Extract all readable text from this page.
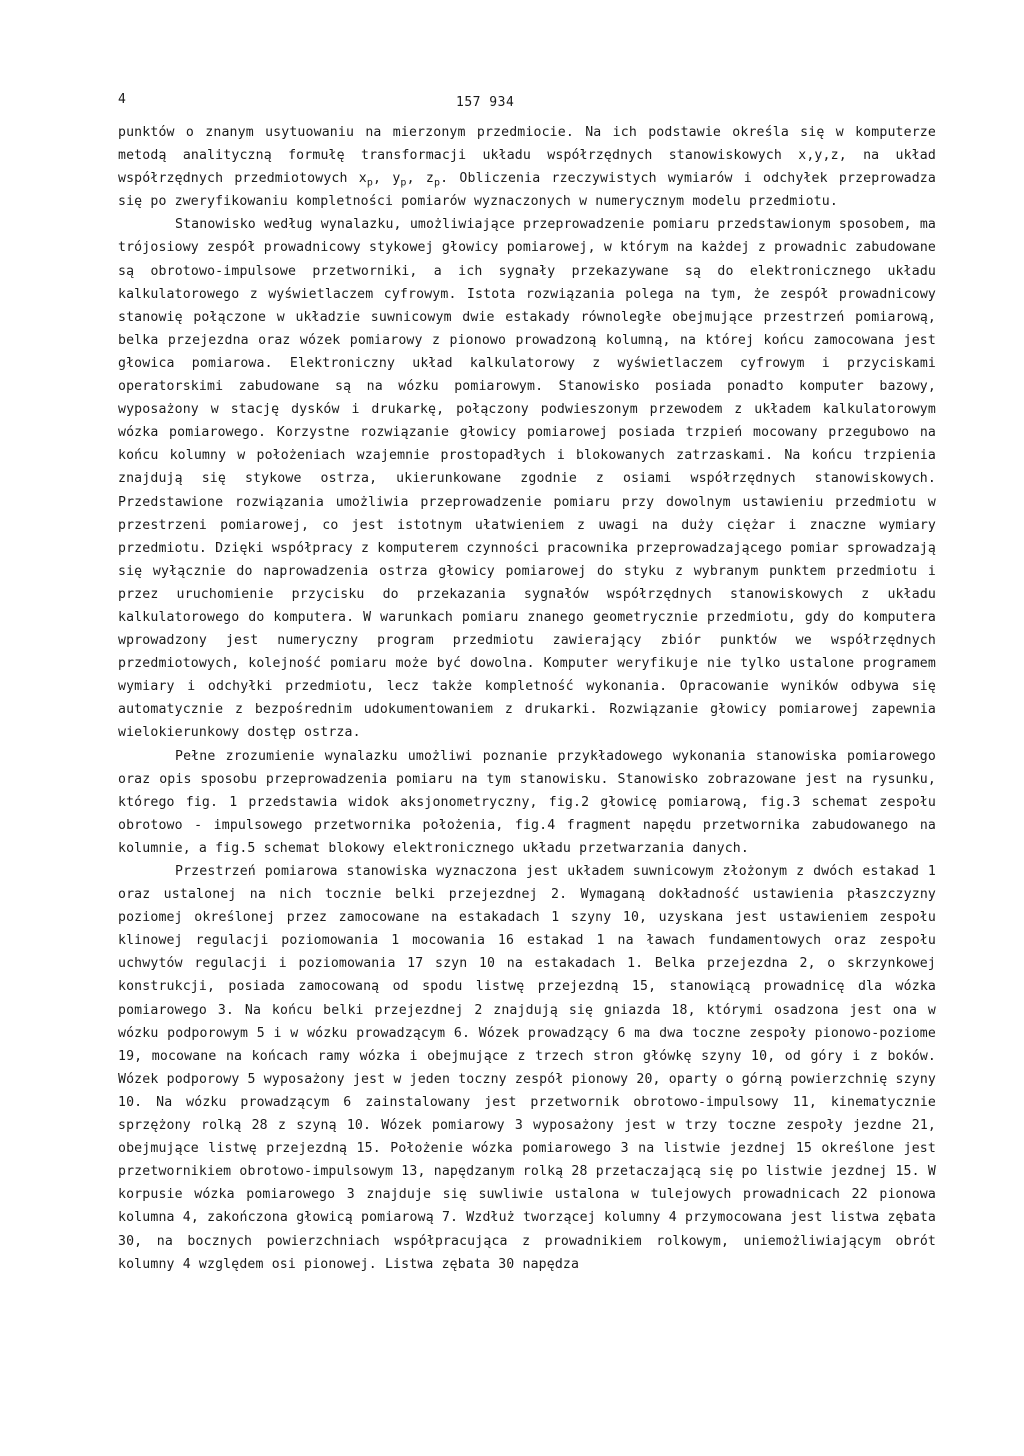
4	157 934

punktów o znanym usytuowaniu na mierzonym przedmiocie. Na ich podstawie określa się w komputerze metodą analityczną formułę transformacji układu współrzędnych stanowiskowych x,y,z, na układ współrzędnych przedmiotowych $x_p$, $y_p$, $z_p$. Obliczenia rzeczywistych wymiarów i odchyłek przeprowadza się po zweryfikowaniu kompletności pomiarów wyznaczonych w numerycznym modelu przedmiotu.

Stanowisko według wynalazku, umożliwiające przeprowadzenie pomiaru przedstawionym sposobem, ma trójosiowy zespół prowadnicowy stykowej głowicy pomiarowej, w którym na każdej z prowadnic zabudowane są obrotowo-impulsowe przetworniki, a ich sygnały przekazywane są do elektronicznego układu kalkulatorowego z wyświetlaczem cyfrowym. Istota rozwiązania polega na tym, że zespół prowadnicowy stanowię połączone w układzie suwnicowym dwie estakady równoległe obejmujące przestrzeń pomiarową, belka przejezdna oraz wózek pomiarowy z pionowo prowadzoną kolumną, na której końcu zamocowana jest głowica pomiarowa. Elektroniczny układ kalkulatorowy z wyświetlaczem cyfrowym i przyciskami operatorskimi zabudowane są na wózku pomiarowym. Stanowisko posiada ponadto komputer bazowy, wyposażony w stację dysków i drukarkę, połączony podwieszonym przewodem z układem kalkulatorowym wózka pomiarowego. Korzystne rozwiązanie głowicy pomiarowej posiada trzpień mocowany przegubowo na końcu kolumny w położeniach wzajemnie prostopadłych i blokowanych zatrzaskami. Na końcu trzpienia znajdują się stykowe ostrza, ukierunkowane zgodnie z osiami współrzędnych stanowiskowych. Przedstawione rozwiązania umożliwia przeprowadzenie pomiaru przy dowolnym ustawieniu przedmiotu w przestrzeni pomiarowej, co jest istotnym ułatwieniem z uwagi na duży ciężar i znaczne wymiary przedmiotu. Dzięki współpracy z komputerem czynności pracownika przeprowadzającego pomiar sprowadzają się wyłącznie do naprowadzenia ostrza głowicy pomiarowej do styku z wybranym punktem przedmiotu i przez uruchomienie przycisku do przekazania sygnałów współrzędnych stanowiskowych z układu kalkulatorowego do komputera. W warunkach pomiaru znanego geometrycznie przedmiotu, gdy do komputera wprowadzony jest numeryczny program przedmiotu zawierający zbiór punktów we współrzędnych przedmiotowych, kolejność pomiaru może być dowolna. Komputer weryfikuje nie tylko ustalone programem wymiary i odchyłki przedmiotu, lecz także kompletność wykonania. Opracowanie wyników odbywa się automatycznie z bezpośrednim udokumentowaniem z drukarki. Rozwiązanie głowicy pomiarowej zapewnia wielokierunkowy dostęp ostrza.

Pełne zrozumienie wynalazku umożliwi poznanie przykładowego wykonania stanowiska pomiarowego oraz opis sposobu przeprowadzenia pomiaru na tym stanowisku. Stanowisko zobrazowane jest na rysunku, którego fig. 1 przedstawia widok aksjonometryczny, fig.2 głowicę pomiarową, fig.3 schemat zespołu obrotowo - impulsowego przetwornika położenia, fig.4 fragment napędu przetwornika zabudowanego na kolumnie, a fig.5 schemat blokowy elektronicznego układu przetwarzania danych.

Przestrzeń pomiarowa stanowiska wyznaczona jest układem suwnicowym złożonym z dwóch estakad 1 oraz ustalonej na nich tocznie belki przejezdnej 2. Wymaganą dokładność ustawienia płaszczyzny poziomej określonej przez zamocowane na estakadach 1 szyny 10, uzyskana jest ustawieniem zespołu klinowej regulacji poziomowania 1 mocowania 16 estakad 1 na ławach fundamentowych oraz zespołu uchwytów regulacji i poziomowania 17 szyn 10 na estakadach 1. Belka przejezdna 2, o skrzynkowej konstrukcji, posiada zamocowaną od spodu listwę przejezdną 15, stanowiącą prowadnicę dla wózka pomiarowego 3. Na końcu belki przejezdnej 2 znajdują się gniazda 18, którymi osadzona jest ona w wózku podporowym 5 i w wózku prowadzącym 6. Wózek prowadzący 6 ma dwa toczne zespoły pionowo-poziome 19, mocowane na końcach ramy wózka i obejmujące z trzech stron główkę szyny 10, od góry i z boków. Wózek podporowy 5 wyposażony jest w jeden toczny zespół pionowy 20, oparty o górną powierzchnię szyny 10. Na wózku prowadzącym 6 zainstalowany jest przetwornik obrotowo-impulsowy 11, kinematycznie sprzężony rolką 28 z szyną 10. Wózek pomiarowy 3 wyposażony jest w trzy toczne zespoły jezdne 21, obejmujące listwę przejezdną 15. Położenie wózka pomiarowego 3 na listwie jezdnej 15 określone jest przetwornikiem obrotowo-impulsowym 13, napędzanym rolką 28 przetaczającą się po listwie jezdnej 15. W korpusie wózka pomiarowego 3 znajduje się suwliwie ustalona w tulejowych prowadnicach 22 pionowa kolumna 4, zakończona głowicą pomiarową 7. Wzdłuż tworzącej kolumny 4 przymocowana jest listwa zębata 30, na bocznych powierzchniach współpracująca z prowadnikiem rolkowym, uniemożliwiającym obrót kolumny 4 względem osi pionowej. Listwa zębata 30 napędza
